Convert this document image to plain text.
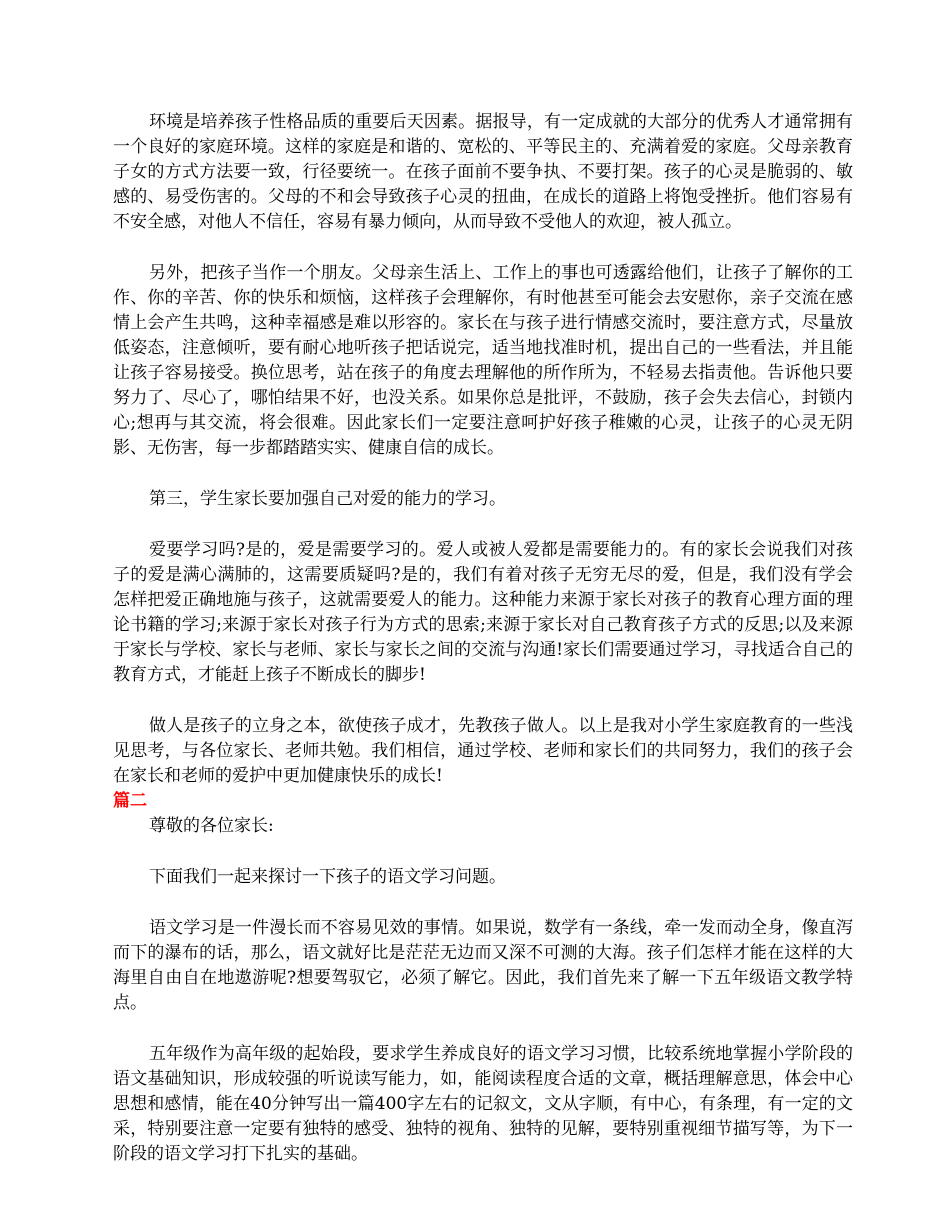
环境是培养孩子性格品质的重要后天因素。据报导，有一定成就的大部分的优秀人才通常拥有一个良好的家庭环境。这样的家庭是和谐的、宽松的、平等民主的、充满着爱的家庭。父母亲教育子女的方式方法要一致，行径要统一。在孩子面前不要争执、不要打架。孩子的心灵是脆弱的、敏感的、易受伤害的。父母的不和会导致孩子心灵的扭曲，在成长的道路上将饱受挫折。他们容易有不安全感，对他人不信任，容易有暴力倾向，从而导致不受他人的欢迎，被人孤立。

另外，把孩子当作一个朋友。父母亲生活上、工作上的事也可透露给他们，让孩子了解你的工作、你的辛苦、你的快乐和烦恼，这样孩子会理解你，有时他甚至可能会去安慰你，亲子交流在感情上会产生共鸣，这种幸福感是难以形容的。家长在与孩子进行情感交流时，要注意方式，尽量放低姿态，注意倾听，要有耐心地听孩子把话说完，适当地找准时机，提出自己的一些看法，并且能让孩子容易接受。换位思考，站在孩子的角度去理解他的所作所为，不轻易去指责他。告诉他只要努力了、尽心了，哪怕结果不好，也没关系。如果你总是批评，不鼓励，孩子会失去信心，封锁内心;想再与其交流，将会很难。因此家长们一定要注意呵护好孩子稚嫩的心灵，让孩子的心灵无阴影、无伤害，每一步都踏踏实实、健康自信的成长。

第三，学生家长要加强自己对爱的能力的学习。

爱要学习吗?是的，爱是需要学习的。爱人或被人爱都是需要能力的。有的家长会说我们对孩子的爱是满心满肺的，这需要质疑吗?是的，我们有着对孩子无穷无尽的爱，但是，我们没有学会怎样把爱正确地施与孩子，这就需要爱人的能力。这种能力来源于家长对孩子的教育心理方面的理论书籍的学习;来源于家长对孩子行为方式的思索;来源于家长对自己教育孩子方式的反思;以及来源于家长与学校、家长与老师、家长与家长之间的交流与沟通!家长们需要通过学习，寻找适合自己的教育方式，才能赶上孩子不断成长的脚步!

做人是孩子的立身之本，欲使孩子成才，先教孩子做人。以上是我对小学生家庭教育的一些浅见思考，与各位家长、老师共勉。我们相信，通过学校、老师和家长们的共同努力，我们的孩子会在家长和老师的爱护中更加健康快乐的成长!

篇二

尊敬的各位家长:

下面我们一起来探讨一下孩子的语文学习问题。

语文学习是一件漫长而不容易见效的事情。如果说，数学有一条线，牵一发而动全身，像直泻而下的瀑布的话，那么，语文就好比是茫茫无边而又深不可测的大海。孩子们怎样才能在这样的大海里自由自在地遨游呢?想要驾驭它，必须了解它。因此，我们首先来了解一下五年级语文教学特点。

五年级作为高年级的起始段，要求学生养成良好的语文学习习惯，比较系统地掌握小学阶段的语文基础知识，形成较强的听说读写能力，如，能阅读程度合适的文章，概括理解意思，体会中心思想和感情，能在40分钟写出一篇400字左右的记叙文，文从字顺，有中心，有条理，有一定的文采，特别要注意一定要有独特的感受、独特的视角、独特的见解，要特别重视细节描写等，为下一阶段的语文学习打下扎实的基础。
